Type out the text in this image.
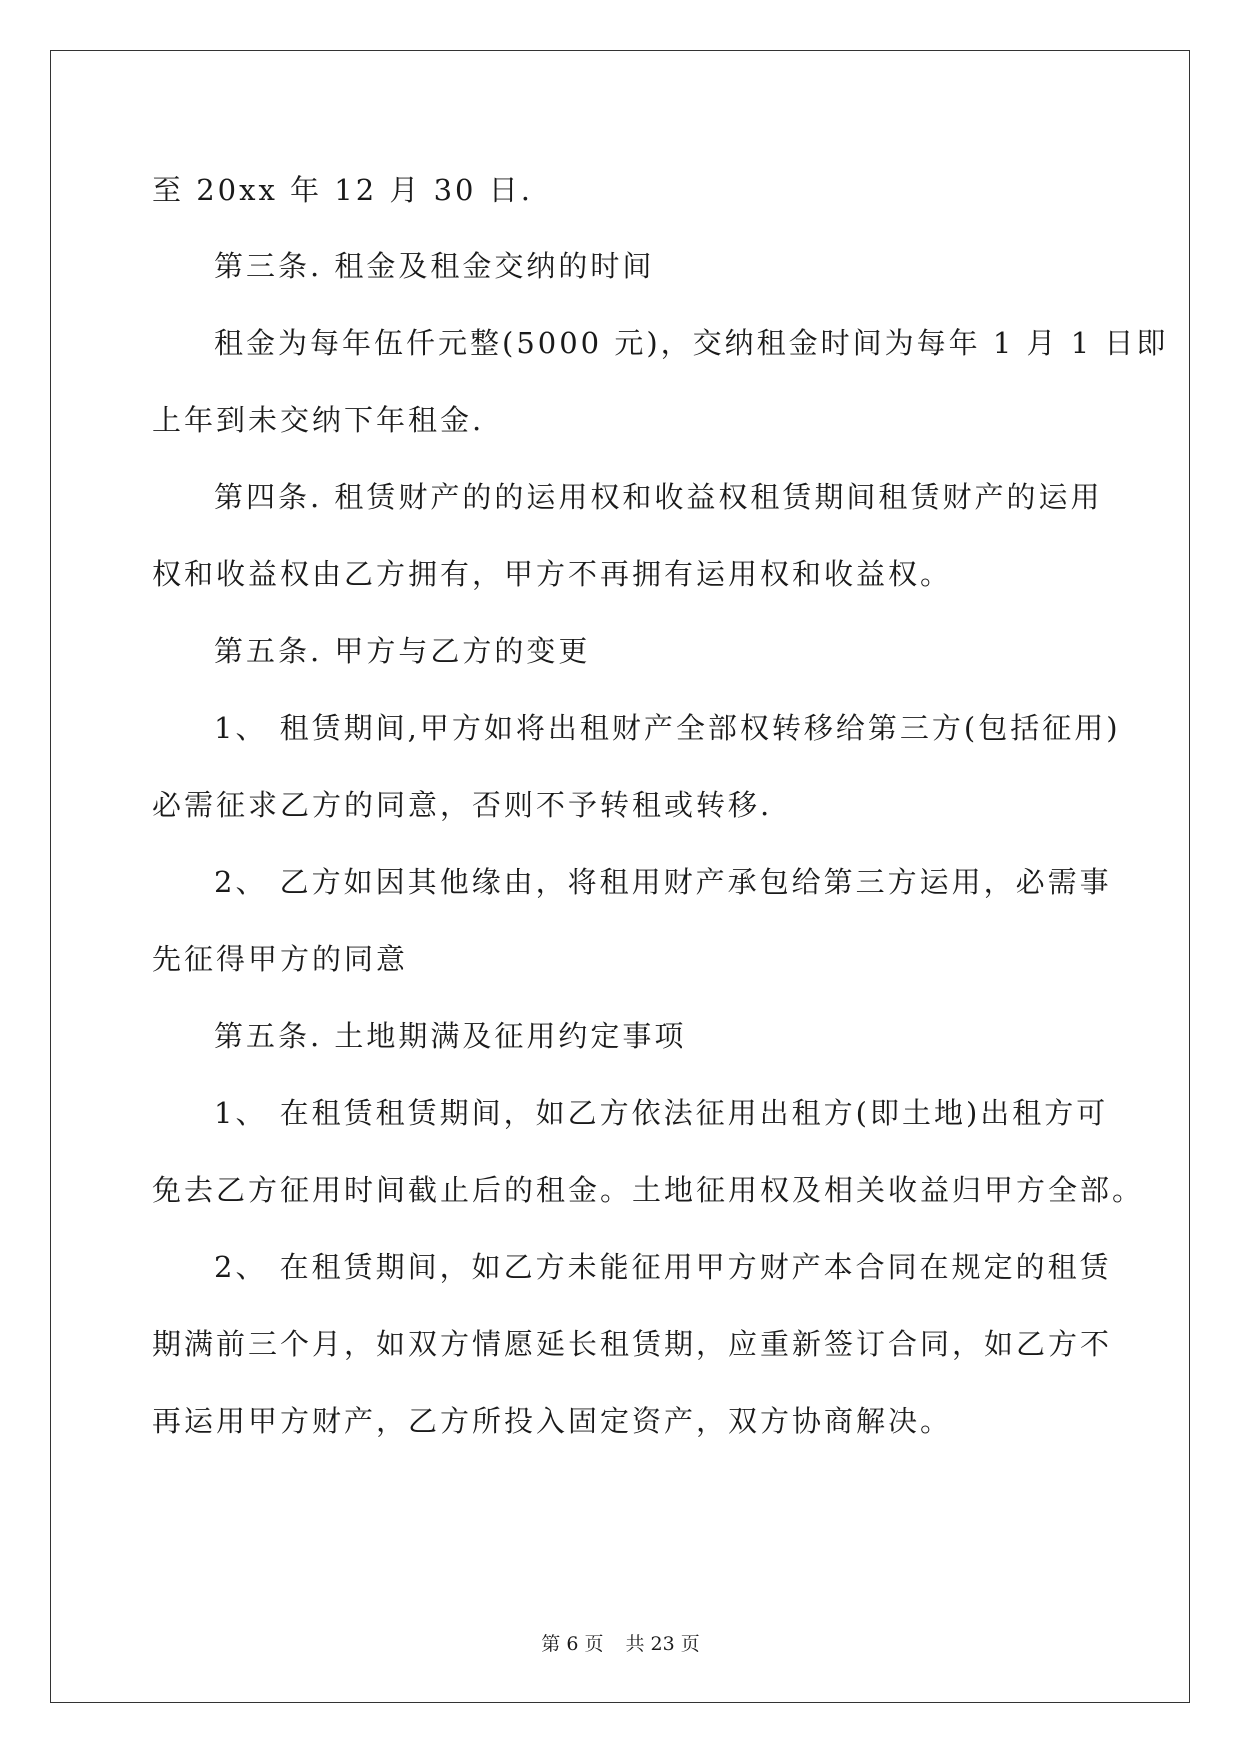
至 20xx 年 12 月 30 日.
第三条. 租金及租金交纳的时间
租金为每年伍仟元整(5000 元)，交纳租金时间为每年 1 月 1 日即
上年到未交纳下年租金.
第四条. 租赁财产的的运用权和收益权租赁期间租赁财产的运用
权和收益权由乙方拥有，甲方不再拥有运用权和收益权。
第五条. 甲方与乙方的变更
1、 租赁期间,甲方如将出租财产全部权转移给第三方(包括征用)
必需征求乙方的同意，否则不予转租或转移.
2、 乙方如因其他缘由，将租用财产承包给第三方运用，必需事
先征得甲方的同意
第五条. 土地期满及征用约定事项
1、 在租赁租赁期间，如乙方依法征用出租方(即土地)出租方可
免去乙方征用时间截止后的租金。土地征用权及相关收益归甲方全部。
2、 在租赁期间，如乙方未能征用甲方财产本合同在规定的租赁
期满前三个月，如双方情愿延长租赁期，应重新签订合同，如乙方不
再运用甲方财产，乙方所投入固定资产，双方协商解决。
第 6 页 共 23 页
